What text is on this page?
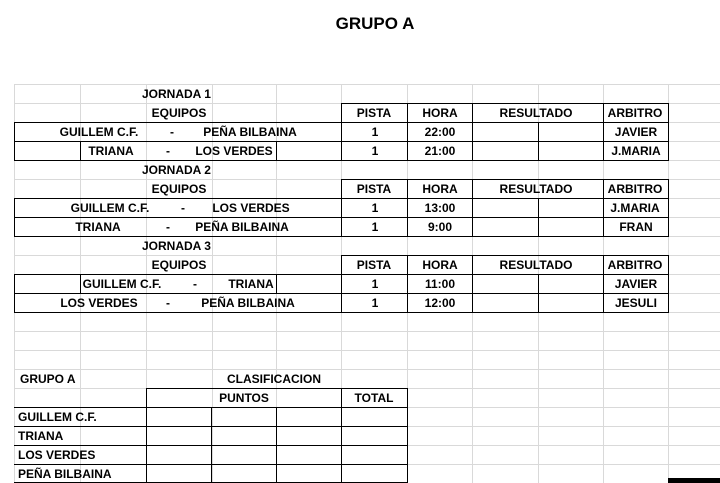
GRUPO A
JORNADA 1
EQUIPOS	PISTA	HORA	RESULTADO	ARBITRO
GUILLEM C.F.	- PEÑA BILBAINA	1	22:00	JAVIER
TRIANA	- LOS VERDES	1	21:00	J.MARIA
JORNADA 2
EQUIPOS	PISTA	HORA	RESULTADO	ARBITRO
GUILLEM C.F.	- LOS VERDES	1	13:00	J.MARIA
TRIANA	- PEÑA BILBAINA	1	9:00	FRAN
JORNADA 3
EQUIPOS	PISTA	HORA	RESULTADO	ARBITRO
GUILLEM C.F.	-	TRIANA	1	11:00	JAVIER
LOS VERDES -	PEÑA BILBAINA	1	12:00	JESULI
GRUPO A	CLASIFICACION
PUNTOS	TOTAL
GUILLEM C.F.
TRIANA
LOS VERDES
PEÑA BILBAINA
